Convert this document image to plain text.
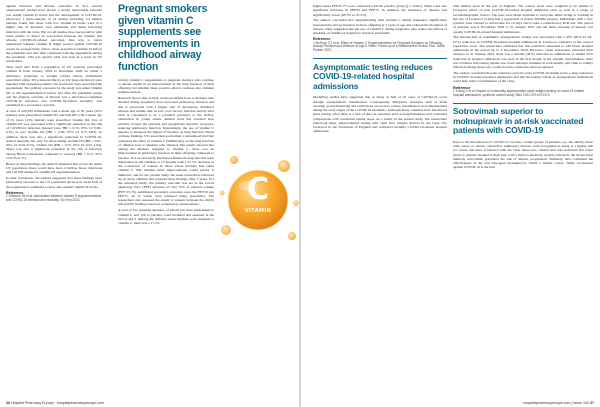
against infection and adverse outcomes. In fact, several observational studies have shown a strong relationship between low serum vitamin D levels and the development of COVID-19. Moreover, a meta-analysis of 14 studies including 1.4 million patients found that those with low vitamin D levels were at a higher risk of intensive care admission and death following infection with the virus. But not all studies have been positive with some unable to detect an association between the vitamin and adverse COVID-19-related outcomes. One way to better understand whether vitamin D might protect against COVID-19 would be prospectively follow those prescribed vitamin D before the pandemic and who then continued with the supplement during the pandemic. This was exactly what was done in a study by US researchers.

They used data from a population of US veterans prescribed vitamin D from January 2019 to December 2020 for either a deficiency syndrome or another related reason. Individuals prescribed either D3 (cholecalciferol) or D2 (ergocalciferol) were matched with untreated patients who had never been prescribed the supplement. The primary exposure for the study was either vitamin D3 or D2 supplementation before and after the pandemic began and the primary outcome of interest was a laboratory-confirmed COVID-19 infection and COVID-19-related mortality was examined as a secondary outcome.

A total of 220,265 individuals with a mean age of 59 years (25% female) were prescribed vitamin D3 and 220,265 with a mean age of 61 years (13% female) were prescribed vitamin D2. Use of vitamin D3 was associated with a significant reduction in the risk of COVID-19 infection (hazard ratio, HR = 0.72, 95% CI 0.69–0.75) as was vitamin D2 (HR = 0.80, 95% CI 0.77–0.83). In addition, there was also a significant reduction in COVID-19-related mortality but only for those taking vitamin D3 (HR = 0.67, 95% CI 0.59–0.75), vitamin D2 (HR = 0.75, 95% CI 0.55–1.04). There was also a significant reduction in the risk of infection among Black participants compared to controls (HR = 0.71, 95% CI 0.65–0.77).

Based on these findings, the authors estimated that across the entire US population, there would have been 4 million fewer infections and 116 000 deaths for vitamin D3 supplementation.

In their conclusion, the authors suggested that these findings were particularly relevant to the US population given how about half of the population is estimated to have sub-optimal vitamin D levels.

Reference
1 Gibbons JB et al. Association between vitamin D supplementation and COVID-19 infection and mortality. Sci Rep 2022.
Pregnant smokers given vitamin C supplements see improvements in childhood airway function

Giving vitamin C supplements to pregnant mothers who continue to smoke results in an improvement in the lung function of their offspring but whether these positive effects continue into children remains unclear.

Research shows that at birth, newborn infants born to mothers who smoked during pregnancy have decreased pulmonary function and this is associated with a higher risk of developing childhood wheeze and asthma and, in fact, poor airway function shortly after birth is considered to be a potential precursor to the airflow obstruction in young adults. Animal work has revealed how nicotine crosses the placenta and upregulates nicotinic receptors, reducing pulmonary function. Interestingly, the use of vitamin C appears to attenuate the impact of nicotine on lung function. Based on these findings, US researchers performed a randomised trial that compared the effect of vitamin C (500mg/day) on the lung function of children born to mothers who smoked. The results showed that among the mothers assigned to vitamin C, there was an improvement in pulmonary function in their offspring compared to placebo. In a second study, the improvements in lung function were maintained in the children at 12 months with a 47.5% decrease in the occurrence of wheeze in those whose mothers had taken vitamin C. But whether these improvements would persist is unknown, and for the present study, the same researchers followed up on those children and repeated their findings after 5 years. For the extension study, the primary outcome was set as the forced expiratory flow (FEF) between 25 and 75% of expired volume (FEF 25-75). Additional secondary outcomes were the FEV50 and FEF75, all of which were assessed using spirometry. The researchers also assessed the extent to wheeze between the child's 4th and 6th birthday based on a respiratory questionnaire.

A total of 251 pregnant smokers, of whom 125 were randomised to vitamin C and 126 to placebo, were included and assessed in the trial at age 5. Among the children whose mothers were assigned to vitamin C, there was a 17.2%

C
VITAMIN
36 Hospital Pharmacy Europe · hospitalpharmacyeurope.com

higher mean FEF25-75 score compared with the placebo group (p = 0.001). There were also significant increases in FEF50 and FEF75. In addition, the incidence of wheeze was significantly lower (28.3% vs 47.2%).

The authors concluded that supplementing with vitamin C during pregnancy significantly increased the airway function in those offspring at 5 years of age and reduced the incidence of wheeze. They suggested that the use of vitamin C during pregnancy may reduce the effects of smoking on childhood respiratory function and health.

Reference
1 McEvoy CT et al. Effect of Vitamin C Supplementation for Pregnant Smokers on Offspring Airway Function and Wheeze at Age 5 Years: Follow-up of a Randomized Clinical Trial. JAMA Pediatr 2023.
Asymptomatic testing reduces COVID-19-related hospital admissions

Modelling studies have suggested that as many as half of all cases of COVID-19 occur through asymptomatic transmission. Consequently, mitigation strategies such as mask wearing, social distancing and restrictions on travel to reduce transmission were implemented during the early stages of the COVID-19 pandemic. Although many countries have introduced mass testing, often there is a lack of data on outcomes such as hospitalisations and controlled comparisons with concurrent testing areas. As a result, in the present study, UK researchers undertook mass, unprecedented testing with rapid flow antigen devices in one large city, Liverpool in the Northwest of England and compared monthly COVID-19-related hospital admissions

with similar areas in the rest of England. The control areas were weighted to be similar to Liverpool based on past COVID-19-related hospital admission rates as well as a range of sociodemographic factors. The tests were made available to everyone, either living or working in the city of Liverpool (which had a population of nearly 500,000 people). Individuals with a test-positive were advised to self-isolate for 10 days and to take a confirmatory PCR test. The period of analysis was 6 November 2020 to 31 January 2021 and the main outcome of interest was weekly COVID-19-related hospital admissions.

The introduction of community asymptomatic testing was associated with a 43% (95% CI 29–67%) reduction in COVID-19-related hospital admissions in Liverpool compared to the control population areas. The researchers estimated that this reduction amounted to 239 fewer hospital admissions in the period up to 6 November 2020. However, when researchers extended their analyses to 31 January 2021, there was a smaller (44%) reduction in admissions. A similar 25% reduction in hospital admissions was seen in the first month of the scheme. Nevertheless, there was evidence that testing uptake was lower amongst residents in both healthy and older to elderly infection among those who would not have otherwise been recognised.

The authors concluded that the voluntary and city-wide COVID-19 testing led to a large reduction in COVID-19-related hospital admissions and that the testing rollout of asymptomatic individuals could help reduce transmission of the virus.

Reference
1 Zhang X et al. Impact of community asymptomatic rapid antigen testing on covid-19 related hospital admissions: synthetic control study. BMJ 2022;379:e071374.
Sotrovimab superior to molnupiravir in at-risk vaccinated patients with COVID-19

Prior to the introduction of COVID-19 vaccines, certain groups of patients, e.g., the elderly, those with cancer or chronic obstructive pulmonary disease, were recognised as being at a higher risk for severe outcomes if infected with the virus. Moreover, clinical trial data indicated that when given to patients deemed at high risk, with a mild-to-moderate severity infection, the monoclonal antibody sotrovimab prevented the risk of disease progression. Similarly, data confirmed the effectiveness of the oral anti-agent molnupiravir, within a similar cohort. While vaccination against COVID-19 is the best

hospitalpharmacyeurope.com | Issue 102 37
